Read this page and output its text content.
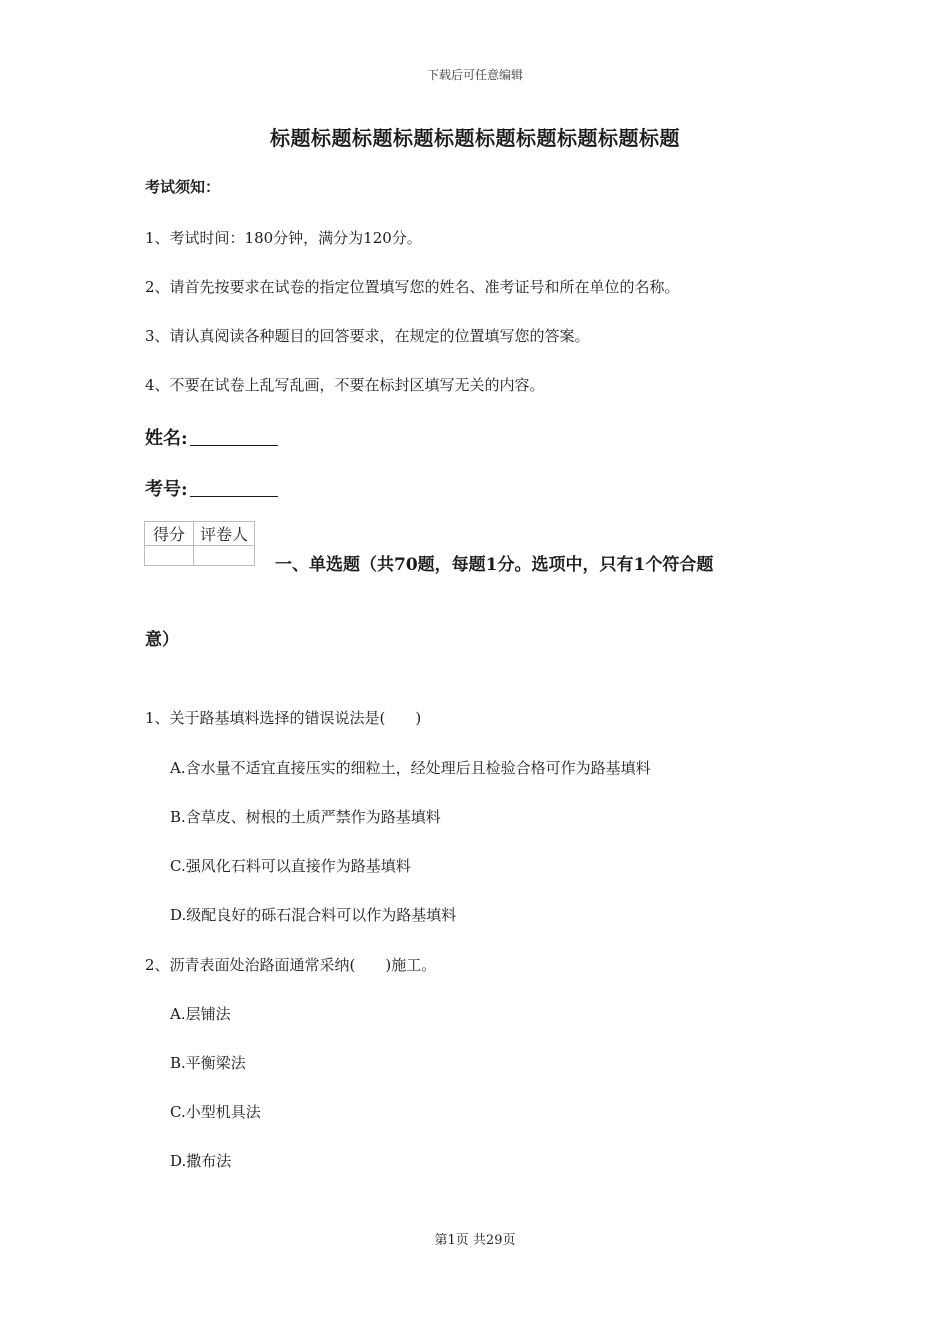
下载后可任意编辑
标题标题标题标题标题标题标题标题标题标题
考试须知：
1、考试时间：180分钟，满分为120分。
2、请首先按要求在试卷的指定位置填写您的姓名、准考证号和所在单位的名称。
3、请认真阅读各种题目的回答要求，在规定的位置填写您的答案。
4、不要在试卷上乱写乱画，不要在标封区填写无关的内容。
姓名:
考号:
得分	评卷人

一、单选题（共70题，每题1分。选项中，只有1个符合题
意）
1、关于路基填料选择的错误说法是(　　)
A.含水量不适宜直接压实的细粒土，经处理后且检验合格可作为路基填料
B.含草皮、树根的土质严禁作为路基填料
C.强风化石料可以直接作为路基填料
D.级配良好的砾石混合料可以作为路基填料
2、沥青表面处治路面通常采纳(　　)施工。
A.层铺法
B.平衡梁法
C.小型机具法
D.撒布法
第1页 共29页
